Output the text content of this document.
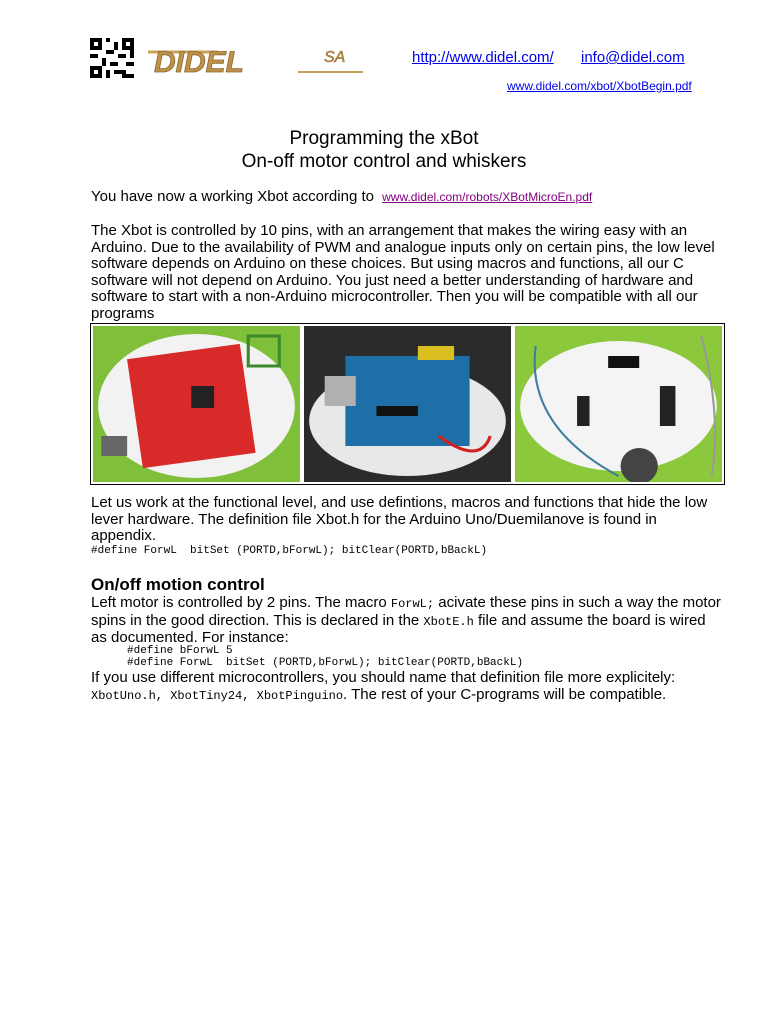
DIDEL	SA	http://www.didel.com/ info@didel.com
www.didel.com/xbot/XbotBegin.pdf
Programming the xBot
On-off motor control and whiskers
You have now a working Xbot according to www.didel.com/robots/XBotMicroEn.pdf
The Xbot is controlled by 10 pins, with an arrangement that makes the wiring easy with an Arduino. Due to the availability of PWM and analogue inputs only on certain pins, the low level software depends on Arduino on these choices. But using macros and functions, all our C software will not depend on Arduino. You just need a better understanding of hardware and software to start with a non-Arduino microcontroller. Then you will be compatible with all our programs
Let us work at the functional level, and use defintions, macros and functions that hide the low lever hardware. The definition file Xbot.h for the Arduino Uno/Duemilanove is found in appendix.
#define ForwL  bitSet (PORTD,bForwL); bitClear(PORTD,bBackL)
On/off motion control
Left motor is controlled by 2 pins. The macro ForwL; acivate these pins in such a way the motor spins in the good direction. This is declared in the XbotE.h file and assume the board is wired as documented. For instance:
#define bForwL 5
#define ForwL  bitSet (PORTD,bForwL); bitClear(PORTD,bBackL)
If you use different microcontrollers, you should name that definition file more explicitely:
XbotUno.h, XbotTiny24, XbotPinguino. The rest of your C-programs will be compatible.
